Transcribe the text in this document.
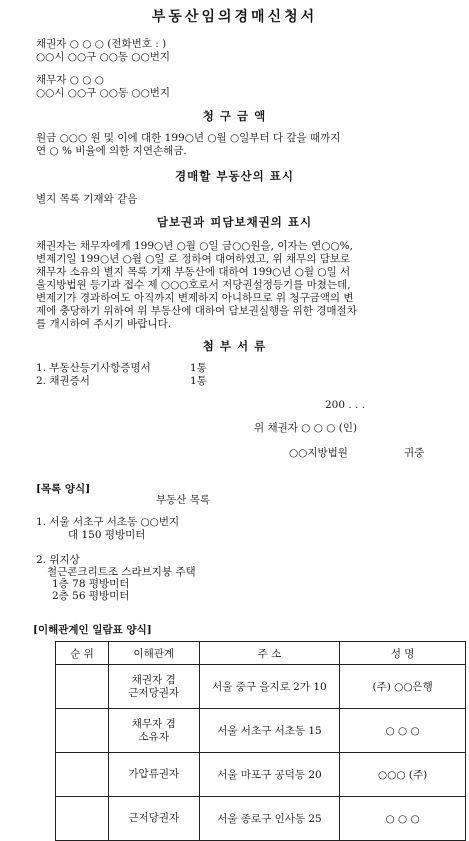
부동산임의경매신청서
채권자 ○ ○ ○ (전화번호 : )
○○시 ○○구 ○○동 ○○번지
채무자 ○ ○ ○
○○시 ○○구 ○○동 ○○번지
청 구 금 액
원금 ○○○ 원 및 이에 대한 199○년 ○월 ○일부터 다 갚을 때까지
연 ○ % 비율에 의한 지연손해금.
경매할 부동산의 표시
별지 목록 기재와 같음
담보권과 피담보채권의 표시
채권자는 채무자에게 199○년 ○월 ○일 금○○원을, 이자는 연○○%,
변제기일 199○년 ○월 ○일 로 정하여 대여하였고, 위 채무의 담보로
채무자 소유의 별지 목록 기재 부동산에 대하여 199○년 ○월 ○일 서
울지방법원 등기과 접수 제 ○○○호로서 저당권설정등기를 마쳤는데,
변제기가 경과하여도 아직까지 변제하지 아니하므로 위 청구금액의 변
제에 충당하기 위하여 위 부동산에 대하여 담보권실행을 위한 경매절차
를 개시하여 주시기 바랍니다.
첨 부 서 류
1. 부동산등기사항증명서	1통
2. 채권증서	1통
200 . . .
위 채권자 ○ ○ ○ (인)
○○지방법원	귀중
[목록 양식]
부동산 목록
1. 서울 서초구 서초동 ○○번지
대 150 평방미터
2. 위지상
철근콘크리트조 스라브지붕 주택
1층 78 평방미터
2층 56 평방미터
[이해관계인 일람표 양식]
순 위	이해관계	주 소	성 명

	채권자 겸
근저당권자	서울 중구 을지로 2가 10	(주) ○○은행

	채무자 겸
소유자	서울 서초구 서초동 15	○ ○ ○

	가압류권자	서울 마포구 공덕동 20	○○○ (주)

	근저당권자	서울 종로구 인사동 25	○ ○ ○
